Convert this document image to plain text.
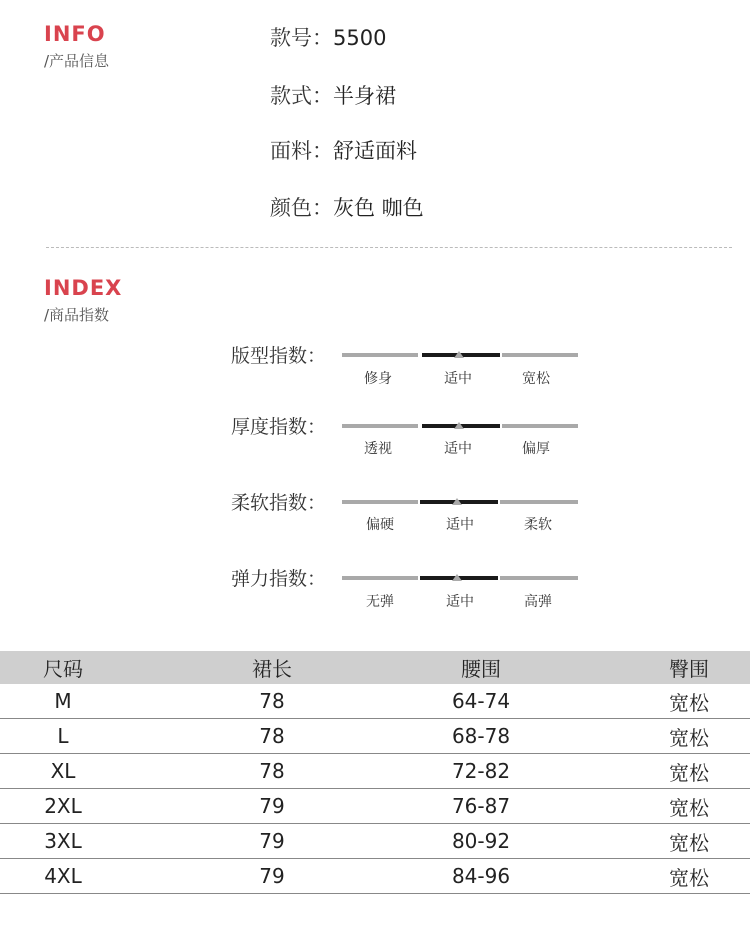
INFO
/产品信息
款号：5500
款式：半身裙
面料：舒适面料
颜色：灰色 咖色
INDEX
/商品指数
版型指数：
修身	适中	宽松
厚度指数：
透视	适中	偏厚
柔软指数：
偏硬	适中	柔软
弹力指数：
无弹	适中	高弹
尺码	裙长	腰围	臀围
M	78	64-74	宽松
L	78	68-78	宽松
XL	78	72-82	宽松
2XL	79	76-87	宽松
3XL	79	80-92	宽松
4XL	79	84-96	宽松
